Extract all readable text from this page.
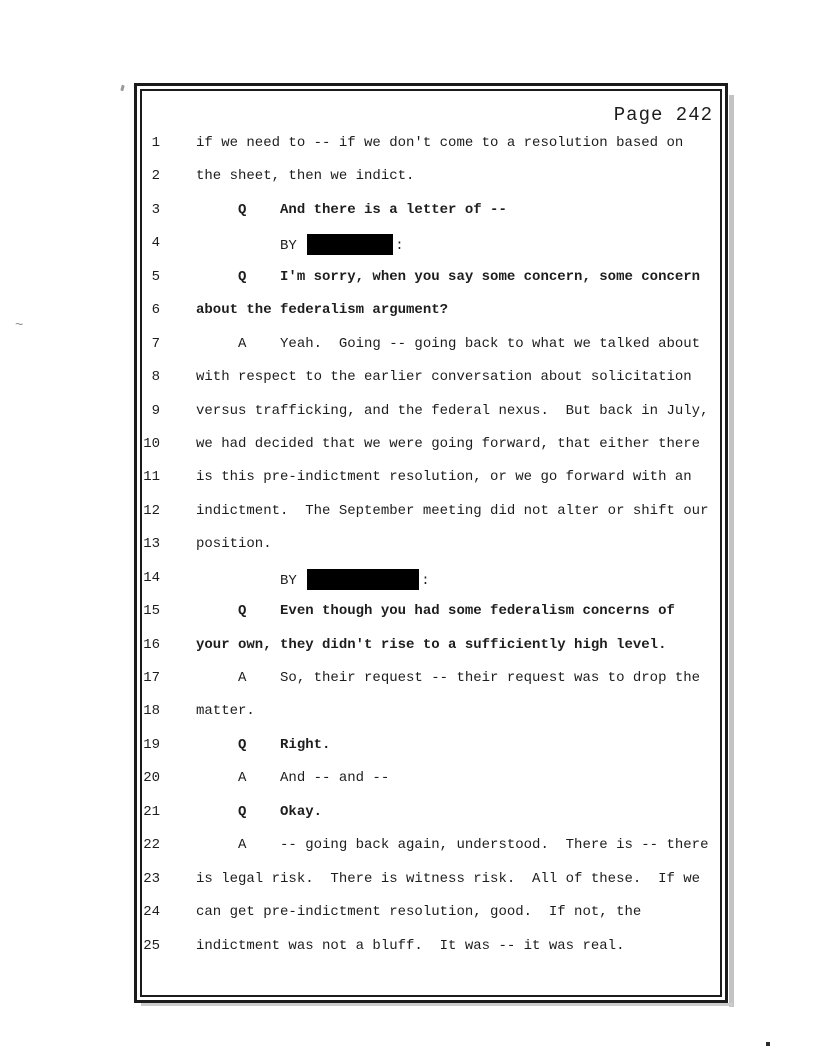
~
Page 242
1	if we need to -- if we don't come to a resolution based on
2	the sheet, then we indict.
3	Q    And there is a letter of --
4	BY	:
5	Q    I'm sorry, when you say some concern, some concern
6	about the federalism argument?
7	A    Yeah.  Going -- going back to what we talked about
8	with respect to the earlier conversation about solicitation
9	versus trafficking, and the federal nexus.  But back in July,
10	we had decided that we were going forward, that either there
11	is this pre-indictment resolution, or we go forward with an
12	indictment.  The September meeting did not alter or shift our
13	position.
14	BY	:
15	Q    Even though you had some federalism concerns of
16	your own, they didn't rise to a sufficiently high level.
17	A    So, their request -- their request was to drop the
18	matter.
19	Q    Right.
20	A    And -- and --
21	Q    Okay.
22	A    -- going back again, understood.  There is -- there
23	is legal risk.  There is witness risk.  All of these.  If we
24	can get pre-indictment resolution, good.  If not, the
25	indictment was not a bluff.  It was -- it was real.
